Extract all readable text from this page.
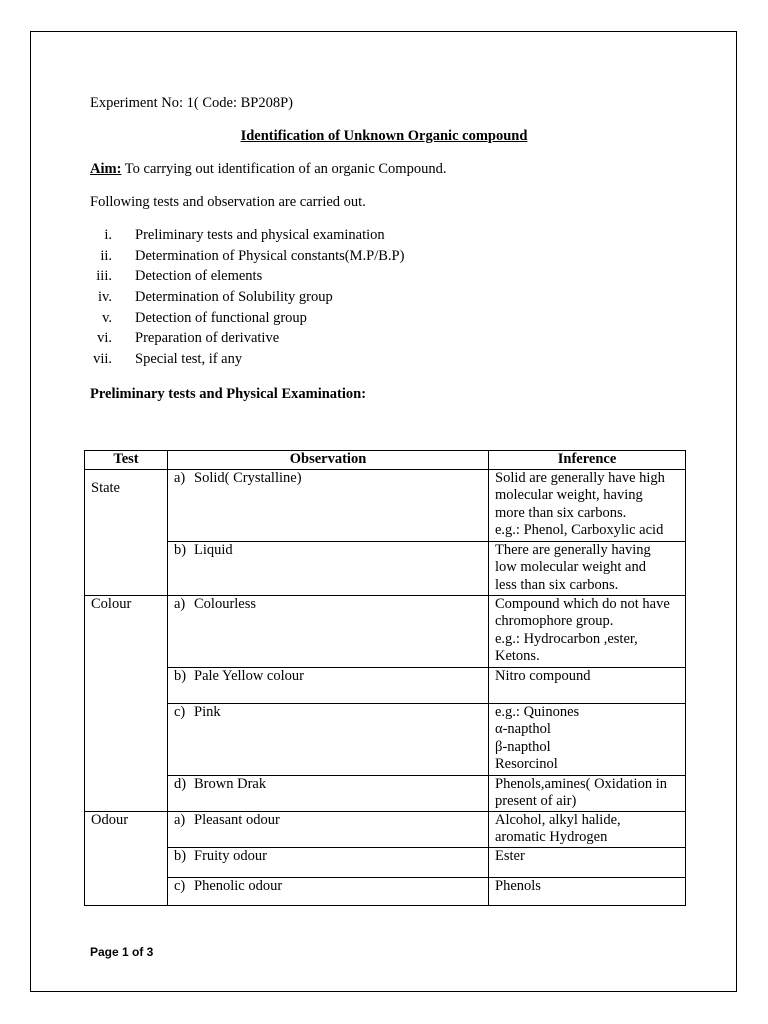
Experiment No: 1( Code: BP208P)
Identification of Unknown Organic compound
Aim: To carrying out identification of an organic Compound.
Following tests and observation are carried out.
i. Preliminary tests and physical examination
ii. Determination of Physical constants(M.P/B.P)
iii. Detection of elements
iv. Determination of Solubility group
v. Detection of functional group
vi. Preparation of derivative
vii. Special test, if any
Preliminary tests and Physical Examination:
Test	Observation	Inference

State	a) Solid( Crystalline)	Solid are generally have high
molecular weight, having
more than six carbons.
e.g.: Phenol, Carboxylic acid

	b) Liquid	There are generally having
low molecular weight and
less than six carbons.

Colour	a) Colourless	Compound which do not have
chromophore group.
e.g.: Hydrocarbon ,ester,
Ketons.

	b) Pale Yellow colour	Nitro compound

	c) Pink	e.g.: Quinones
α-napthol
β-napthol
Resorcinol

	d) Brown Drak	Phenols,amines( Oxidation in
present of air)

Odour	a) Pleasant odour	Alcohol, alkyl halide,
aromatic Hydrogen

	b) Fruity odour	Ester

	c) Phenolic odour	Phenols
Page 1 of 3
